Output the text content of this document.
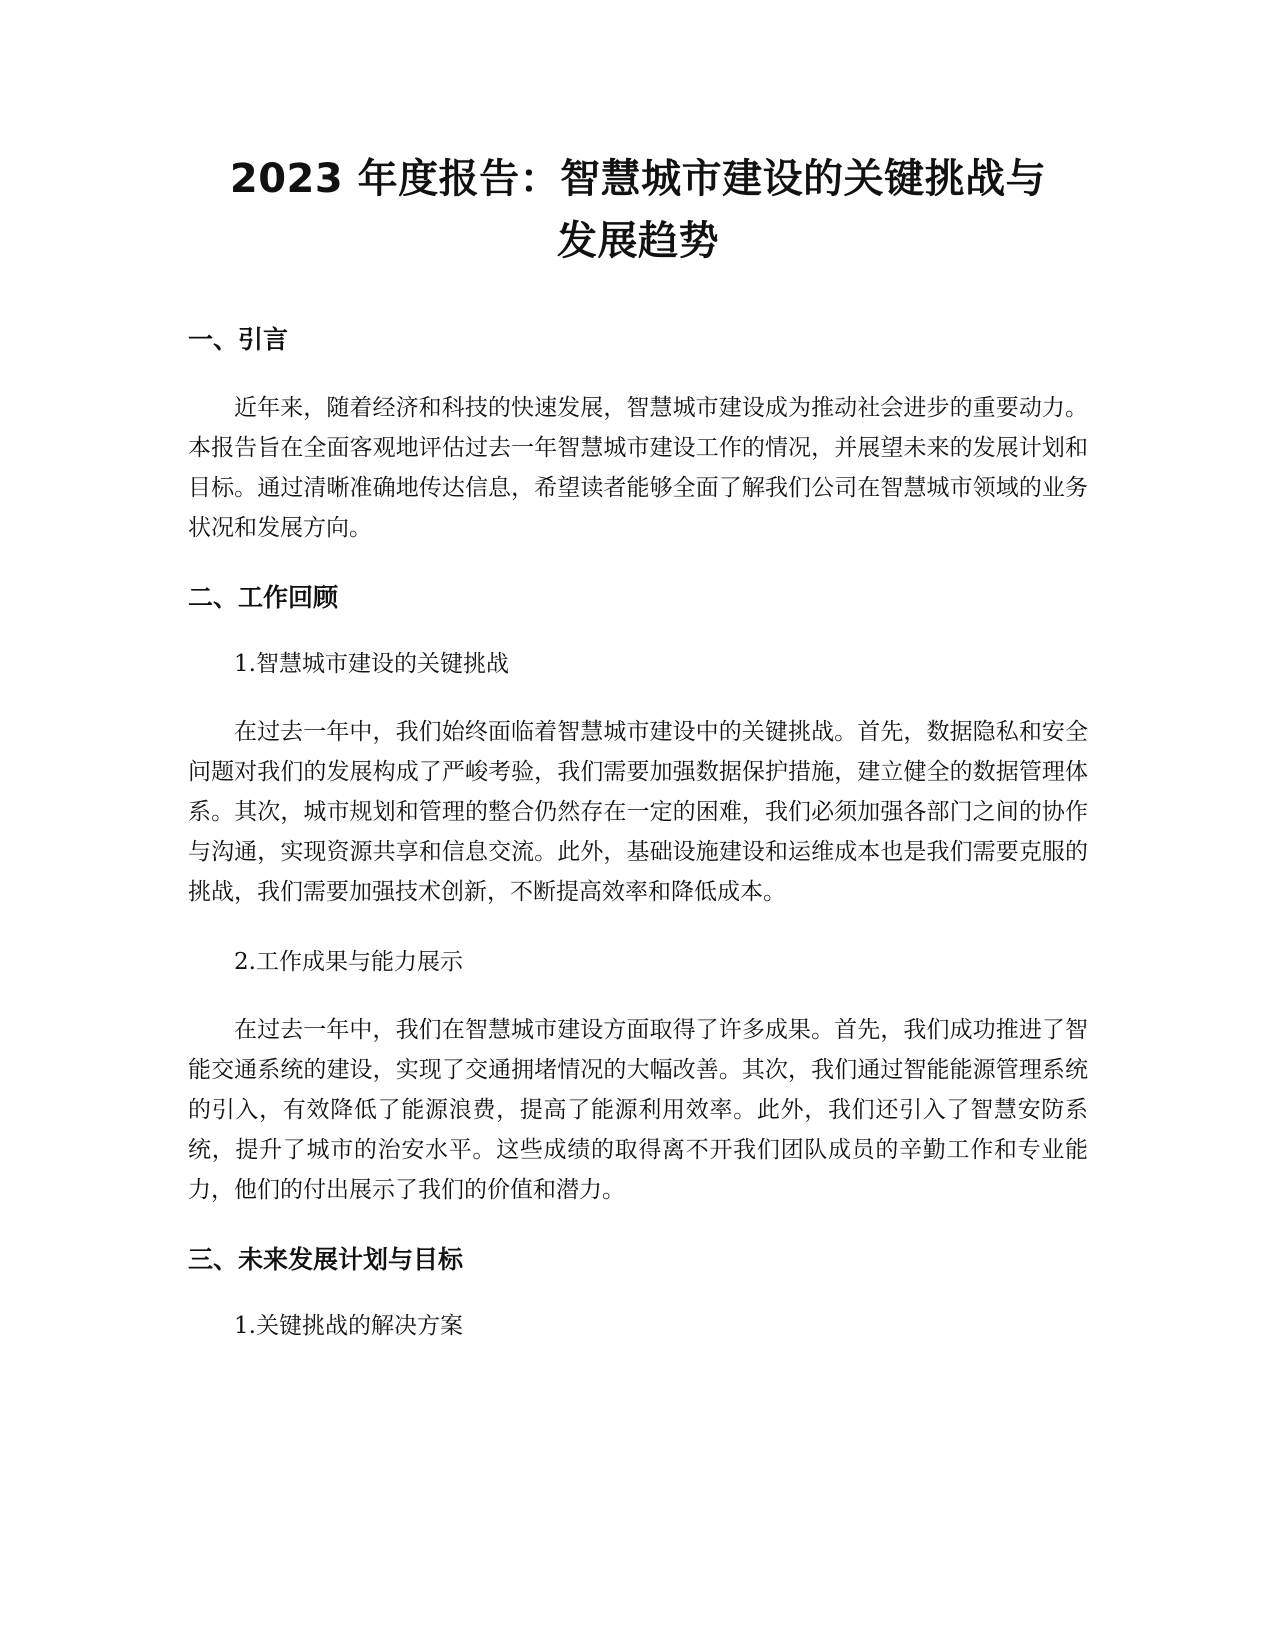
2023 年度报告：智慧城市建设的关键挑战与
发展趋势
一、引言

近年来，随着经济和科技的快速发展，智慧城市建设成为推动社会进步的重要动力。本报告旨在全面客观地评估过去一年智慧城市建设工作的情况，并展望未来的发展计划和目标。通过清晰准确地传达信息，希望读者能够全面了解我们公司在智慧城市领域的业务状况和发展方向。

二、工作回顾

1.智慧城市建设的关键挑战

在过去一年中，我们始终面临着智慧城市建设中的关键挑战。首先，数据隐私和安全问题对我们的发展构成了严峻考验，我们需要加强数据保护措施，建立健全的数据管理体系。其次，城市规划和管理的整合仍然存在一定的困难，我们必须加强各部门之间的协作与沟通，实现资源共享和信息交流。此外，基础设施建设和运维成本也是我们需要克服的挑战，我们需要加强技术创新，不断提高效率和降低成本。

2.工作成果与能力展示

在过去一年中，我们在智慧城市建设方面取得了许多成果。首先，我们成功推进了智能交通系统的建设，实现了交通拥堵情况的大幅改善。其次，我们通过智能能源管理系统的引入，有效降低了能源浪费，提高了能源利用效率。此外，我们还引入了智慧安防系统，提升了城市的治安水平。这些成绩的取得离不开我们团队成员的辛勤工作和专业能力，他们的付出展示了我们的价值和潜力。

三、未来发展计划与目标

1.关键挑战的解决方案
